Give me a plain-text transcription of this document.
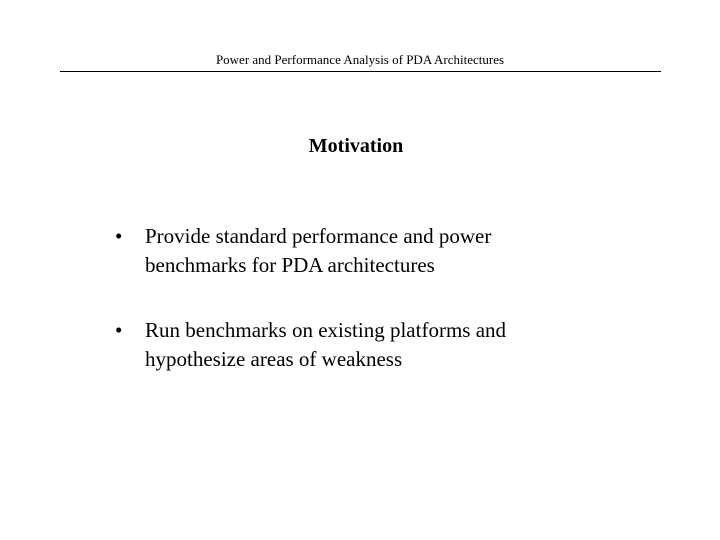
Power and Performance Analysis of PDA Architectures
Motivation
•	Provide standard performance and power
benchmarks for PDA architectures
•	Run benchmarks on existing platforms and
hypothesize areas of weakness
